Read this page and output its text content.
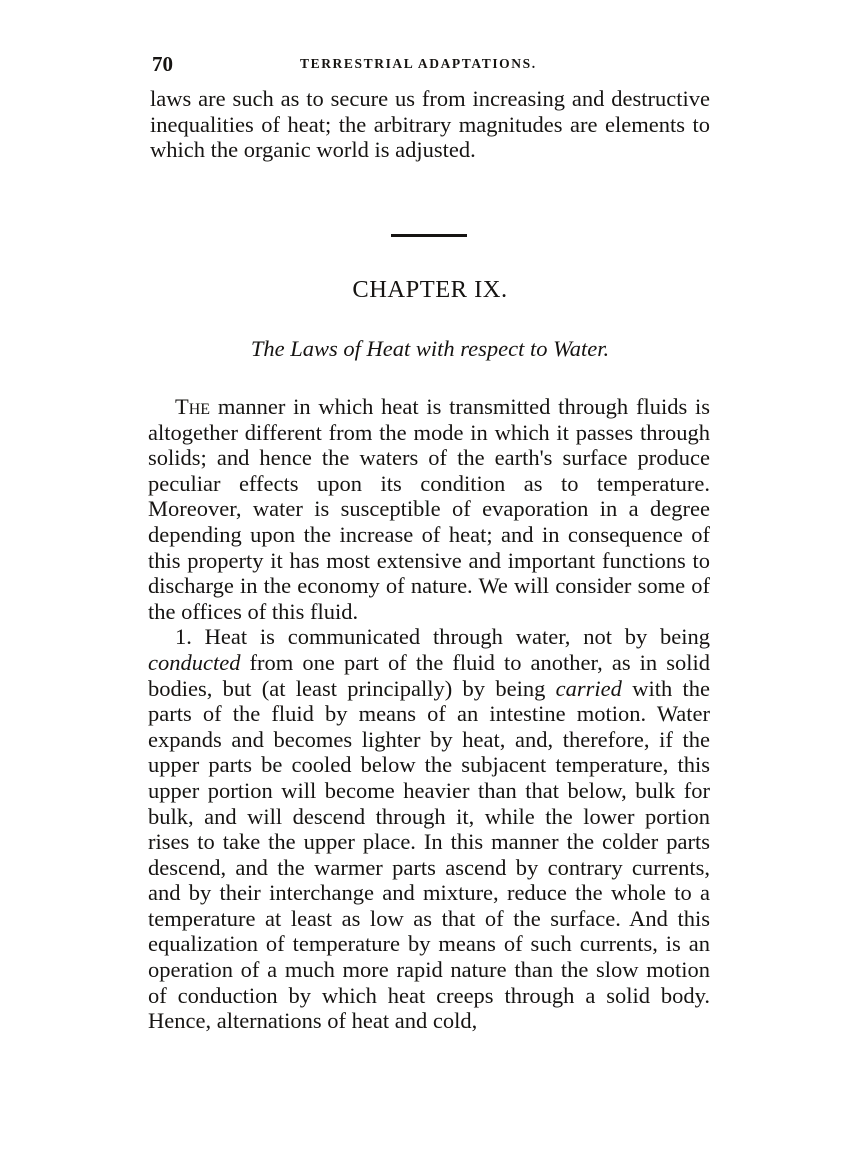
70	TERRESTRIAL ADAPTATIONS.

laws are such as to secure us from increasing and destructive inequalities of heat; the arbitrary magnitudes are elements to which the organic world is adjusted.

CHAPTER IX.
The Laws of Heat with respect to Water.

The manner in which heat is transmitted through fluids is altogether different from the mode in which it passes through solids; and hence the waters of the earth's surface produce peculiar effects upon its condition as to temperature. Moreover, water is susceptible of evaporation in a degree depending upon the increase of heat; and in consequence of this property it has most extensive and important functions to discharge in the economy of nature. We will consider some of the offices of this fluid.

1. Heat is communicated through water, not by being conducted from one part of the fluid to another, as in solid bodies, but (at least principally) by being carried with the parts of the fluid by means of an intestine motion. Water expands and becomes lighter by heat, and, therefore, if the upper parts be cooled below the subjacent temperature, this upper portion will become heavier than that below, bulk for bulk, and will descend through it, while the lower portion rises to take the upper place. In this manner the colder parts descend, and the warmer parts ascend by contrary currents, and by their interchange and mixture, reduce the whole to a temperature at least as low as that of the surface. And this equalization of temperature by means of such currents, is an operation of a much more rapid nature than the slow motion of conduction by which heat creeps through a solid body. Hence, alternations of heat and cold,
